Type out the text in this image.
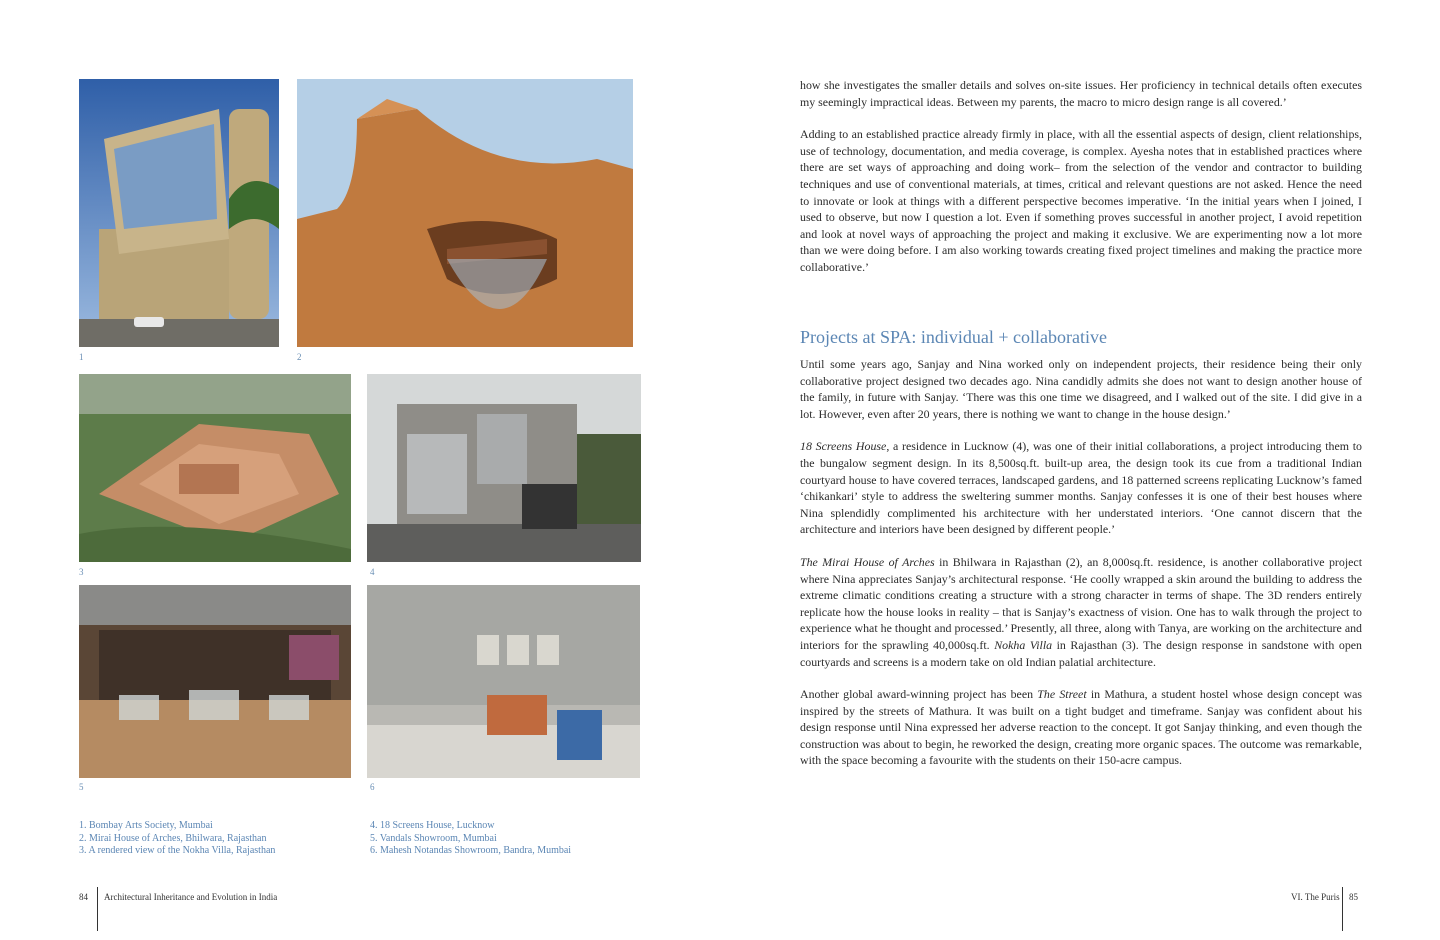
1	2
3	4
5	6
1. Bombay Arts Society, Mumbai
2. Mirai House of Arches, Bhilwara, Rajasthan
3. A rendered view of the Nokha Villa, Rajasthan
4. 18 Screens House, Lucknow
5. Vandals Showroom, Mumbai
6. Mahesh Notandas Showroom, Bandra, Mumbai

how she investigates the smaller details and solves on-site issues. Her proficiency in technical details often executes my seemingly impractical ideas. Between my parents, the macro to micro design range is all covered.’

Adding to an established practice already firmly in place, with all the essential aspects of design, client relationships, use of technology, documentation, and media coverage, is complex. Ayesha notes that in established practices where there are set ways of approaching and doing work– from the selection of the vendor and contractor to building techniques and use of conventional materials, at times, critical and relevant questions are not asked. Hence the need to innovate or look at things with a different perspective becomes imperative. ‘In the initial years when I joined, I used to observe, but now I question a lot. Even if something proves successful in another project, I avoid repetition and look at novel ways of approaching the project and making it exclusive. We are experimenting now a lot more than we were doing before. I am also working towards creating fixed project timelines and making the practice more collaborative.’

Projects at SPA: individual + collaborative

Until some years ago, Sanjay and Nina worked only on independent projects, their residence being their only collaborative project designed two decades ago. Nina candidly admits she does not want to design another house of the family, in future with Sanjay. ‘There was this one time we disagreed, and I walked out of the site. I did give in a lot. However, even after 20 years, there is nothing we want to change in the house design.’

18 Screens House, a residence in Lucknow (4), was one of their initial collaborations, a project introducing them to the bungalow segment design. In its 8,500sq.ft. built-up area, the design took its cue from a traditional Indian courtyard house to have covered terraces, landscaped gardens, and 18 patterned screens replicating Lucknow’s famed ‘chikankari’ style to address the sweltering summer months. Sanjay confesses it is one of their best houses where Nina splendidly complimented his architecture with her understated interiors. ‘One cannot discern that the architecture and interiors have been designed by different people.’

The Mirai House of Arches in Bhilwara in Rajasthan (2), an 8,000sq.ft. residence, is another collaborative project where Nina appreciates Sanjay’s architectural response. ‘He coolly wrapped a skin around the building to address the extreme climatic conditions creating a structure with a strong character in terms of shape. The 3D renders entirely replicate how the house looks in reality – that is Sanjay’s exactness of vision. One has to walk through the project to experience what he thought and processed.’ Presently, all three, along with Tanya, are working on the architecture and interiors for the sprawling 40,000sq.ft. Nokha Villa in Rajasthan (3). The design response in sandstone with open courtyards and screens is a modern take on old Indian palatial architecture.

Another global award-winning project has been The Street in Mathura, a student hostel whose design concept was inspired by the streets of Mathura. It was built on a tight budget and timeframe. Sanjay was confident about his design response until Nina expressed her adverse reaction to the concept. It got Sanjay thinking, and even though the construction was about to begin, he reworked the design, creating more organic spaces. The outcome was remarkable, with the space becoming a favourite with the students on their 150-acre campus.

84 Architectural Inheritance and Evolution in India	VI. The Puris 85
